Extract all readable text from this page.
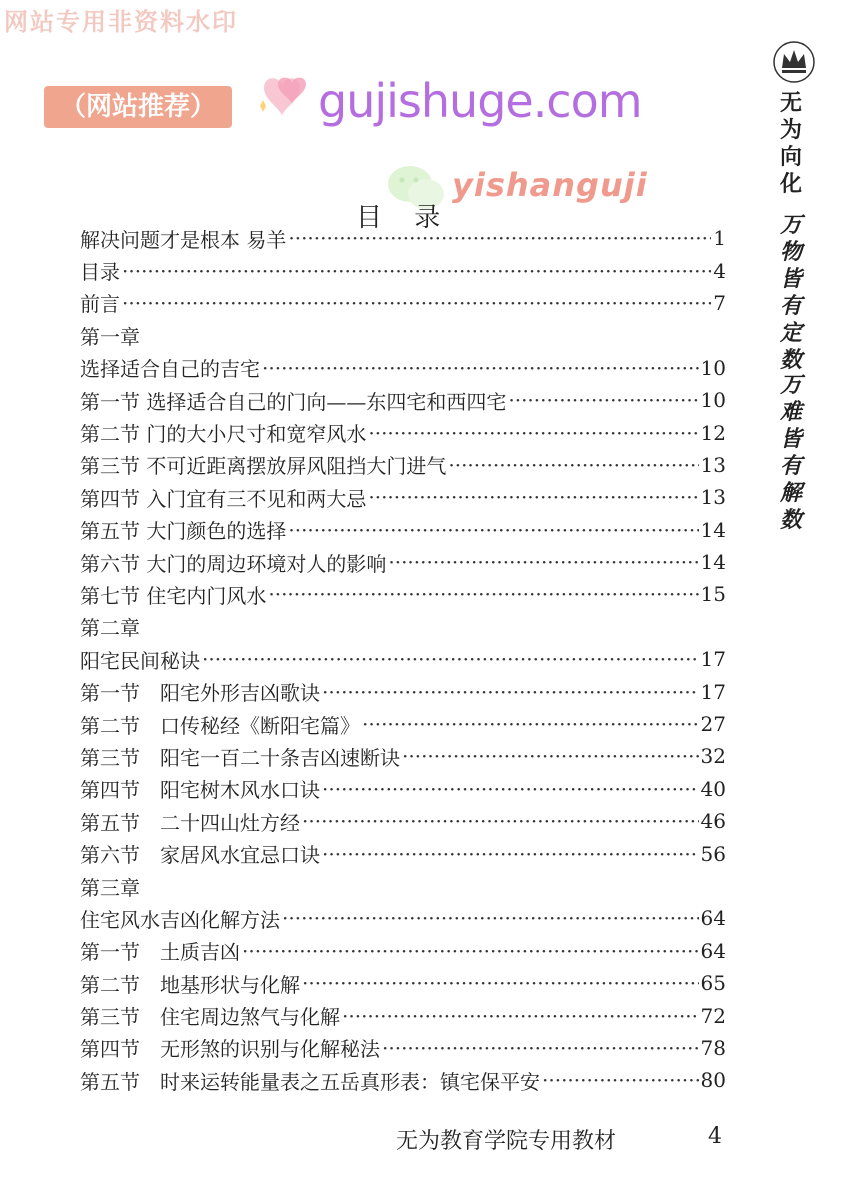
网站专用非资料水印
（网站推荐）	gujishuge.com
yishanguji
无为向化
万物皆有定数
万难皆有解数
目 录
解决问题才是根本 易羊 ·····	1
目录 ·····	4
前言 ·····	7
第一章
选择适合自己的吉宅 ·····	10
第一节 选择适合自己的门向——东四宅和西四宅 ·····	10
第二节 门的大小尺寸和宽窄风水 ·····	12
第三节 不可近距离摆放屏风阻挡大门进气 ·····	13
第四节 入门宜有三不见和两大忌 ·····	13
第五节 大门颜色的选择 ·····	14
第六节 大门的周边环境对人的影响 ·····	14
第七节 住宅内门风水 ·····	15
第二章
阳宅民间秘诀 ·····	17
第一节　阳宅外形吉凶歌诀 ·····	17
第二节　口传秘经《断阳宅篇》 ·····	27
第三节　阳宅一百二十条吉凶速断诀 ·····	32
第四节　阳宅树木风水口诀 ·····	40
第五节　二十四山灶方经 ·····	46
第六节　家居风水宜忌口诀 ·····	56
第三章
住宅风水吉凶化解方法 ·····	64
第一节　土质吉凶 ·····	64
第二节　地基形状与化解 ·····	65
第三节　住宅周边煞气与化解 ·····	72
第四节　无形煞的识别与化解秘法 ·····	78
第五节　时来运转能量表之五岳真形表：镇宅保平安 ·····	80
无为教育学院专用教材	4
